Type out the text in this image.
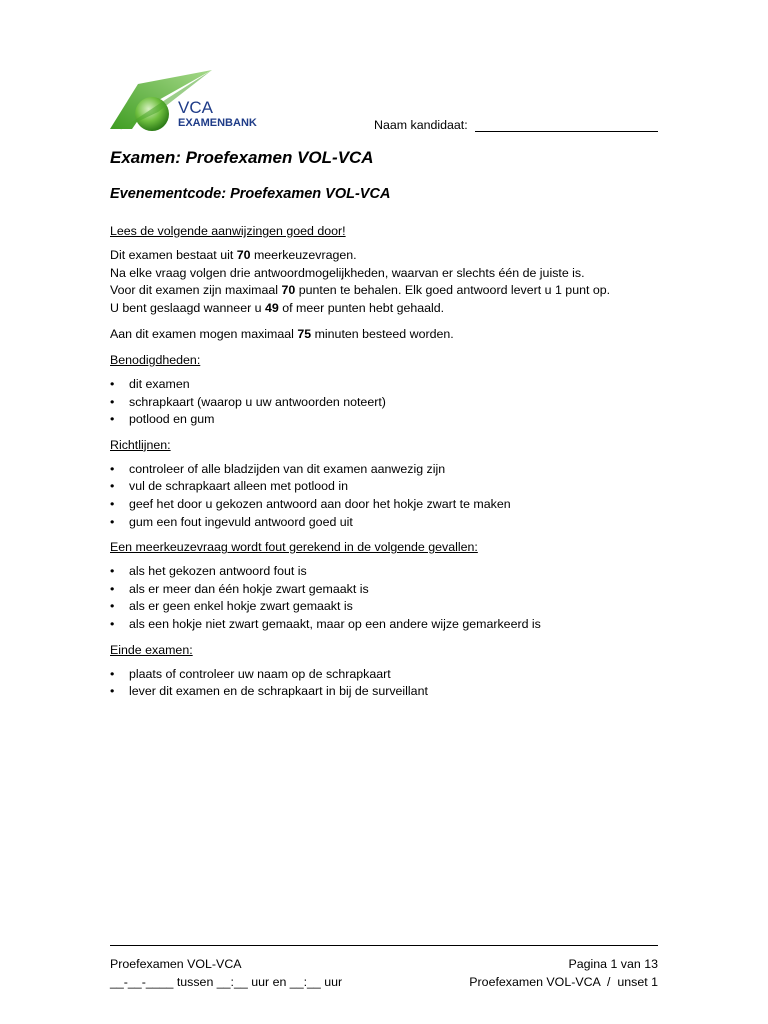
VCA
EXAMENBANK	Naam kandidaat:
Examen: Proefexamen VOL-VCA
Evenementcode: Proefexamen VOL-VCA
Lees de volgende aanwijzingen goed door!
Dit examen bestaat uit 70 meerkeuzevragen.
Na elke vraag volgen drie antwoordmogelijkheden, waarvan er slechts één de juiste is.
Voor dit examen zijn maximaal 70 punten te behalen. Elk goed antwoord levert u 1 punt op.
U bent geslaagd wanneer u 49 of meer punten hebt gehaald.
Aan dit examen mogen maximaal 75 minuten besteed worden.
Benodigdheden:
• dit examen
• schrapkaart (waarop u uw antwoorden noteert)
• potlood en gum
Richtlijnen:
• controleer of alle bladzijden van dit examen aanwezig zijn
• vul de schrapkaart alleen met potlood in
• geef het door u gekozen antwoord aan door het hokje zwart te maken
• gum een fout ingevuld antwoord goed uit
Een meerkeuzevraag wordt fout gerekend in de volgende gevallen:
• als het gekozen antwoord fout is
• als er meer dan één hokje zwart gemaakt is
• als er geen enkel hokje zwart gemaakt is
• als een hokje niet zwart gemaakt, maar op een andere wijze gemarkeerd is
Einde examen:
• plaats of controleer uw naam op de schrapkaart
• lever dit examen en de schrapkaart in bij de surveillant
Proefexamen VOL-VCA
__-__-____ tussen __:__ uur en __:__ uur
Pagina 1 van 13
Proefexamen VOL-VCA  /  unset 1
